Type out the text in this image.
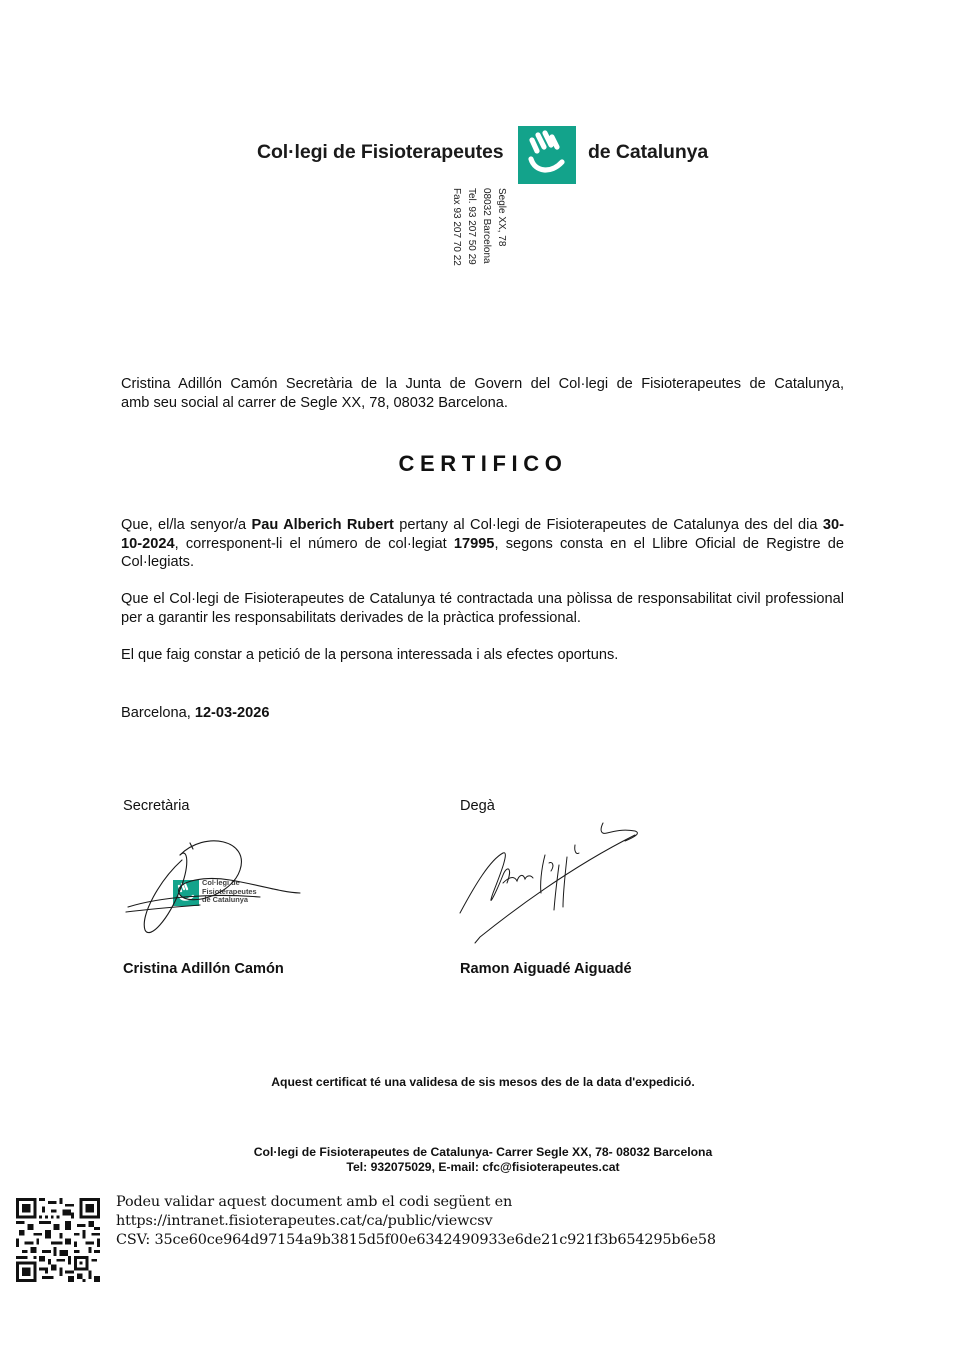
Col·legi de Fisioterapeutes	de Catalunya
Segle XX, 78
08032 Barcelona
Tel. 93 207 50 29
Fax 93 207 70 22
Cristina Adillón Camón Secretària de la Junta de Govern del Col·legi de Fisioterapeutes de Catalunya,
amb seu social al carrer de Segle XX, 78, 08032 Barcelona.
CERTIFICO
Que, el/la senyor/a Pau Alberich Rubert pertany al Col·legi de Fisioterapeutes de Catalunya des del dia 30-10-2024, corresponent-li el número de col·legiat 17995, segons consta en el Llibre Oficial de Registre de Col·legiats.
Que el Col·legi de Fisioterapeutes de Catalunya té contractada una pòlissa de responsabilitat civil professional per a garantir les responsabilitats derivades de la pràctica professional.
El que faig constar a petició de la persona interessada i als efectes oportuns.
Barcelona, 12-03-2026
Secretària	Degà
Col·legi de
Fisioterapeutes
de Catalunya
Cristina Adillón Camón	Ramon Aiguadé Aiguadé
Aquest certificat té una validesa de sis mesos des de la data d'expedició.
Col·legi de Fisioterapeutes de Catalunya- Carrer Segle XX, 78- 08032 Barcelona
Tel: 932075029, E-mail: cfc@fisioterapeutes.cat
Podeu validar aquest document amb el codi següent en
https://intranet.fisioterapeutes.cat/ca/public/viewcsv
CSV: 35ce60ce964d97154a9b3815d5f00e6342490933e6de21c921f3b654295b6e58
